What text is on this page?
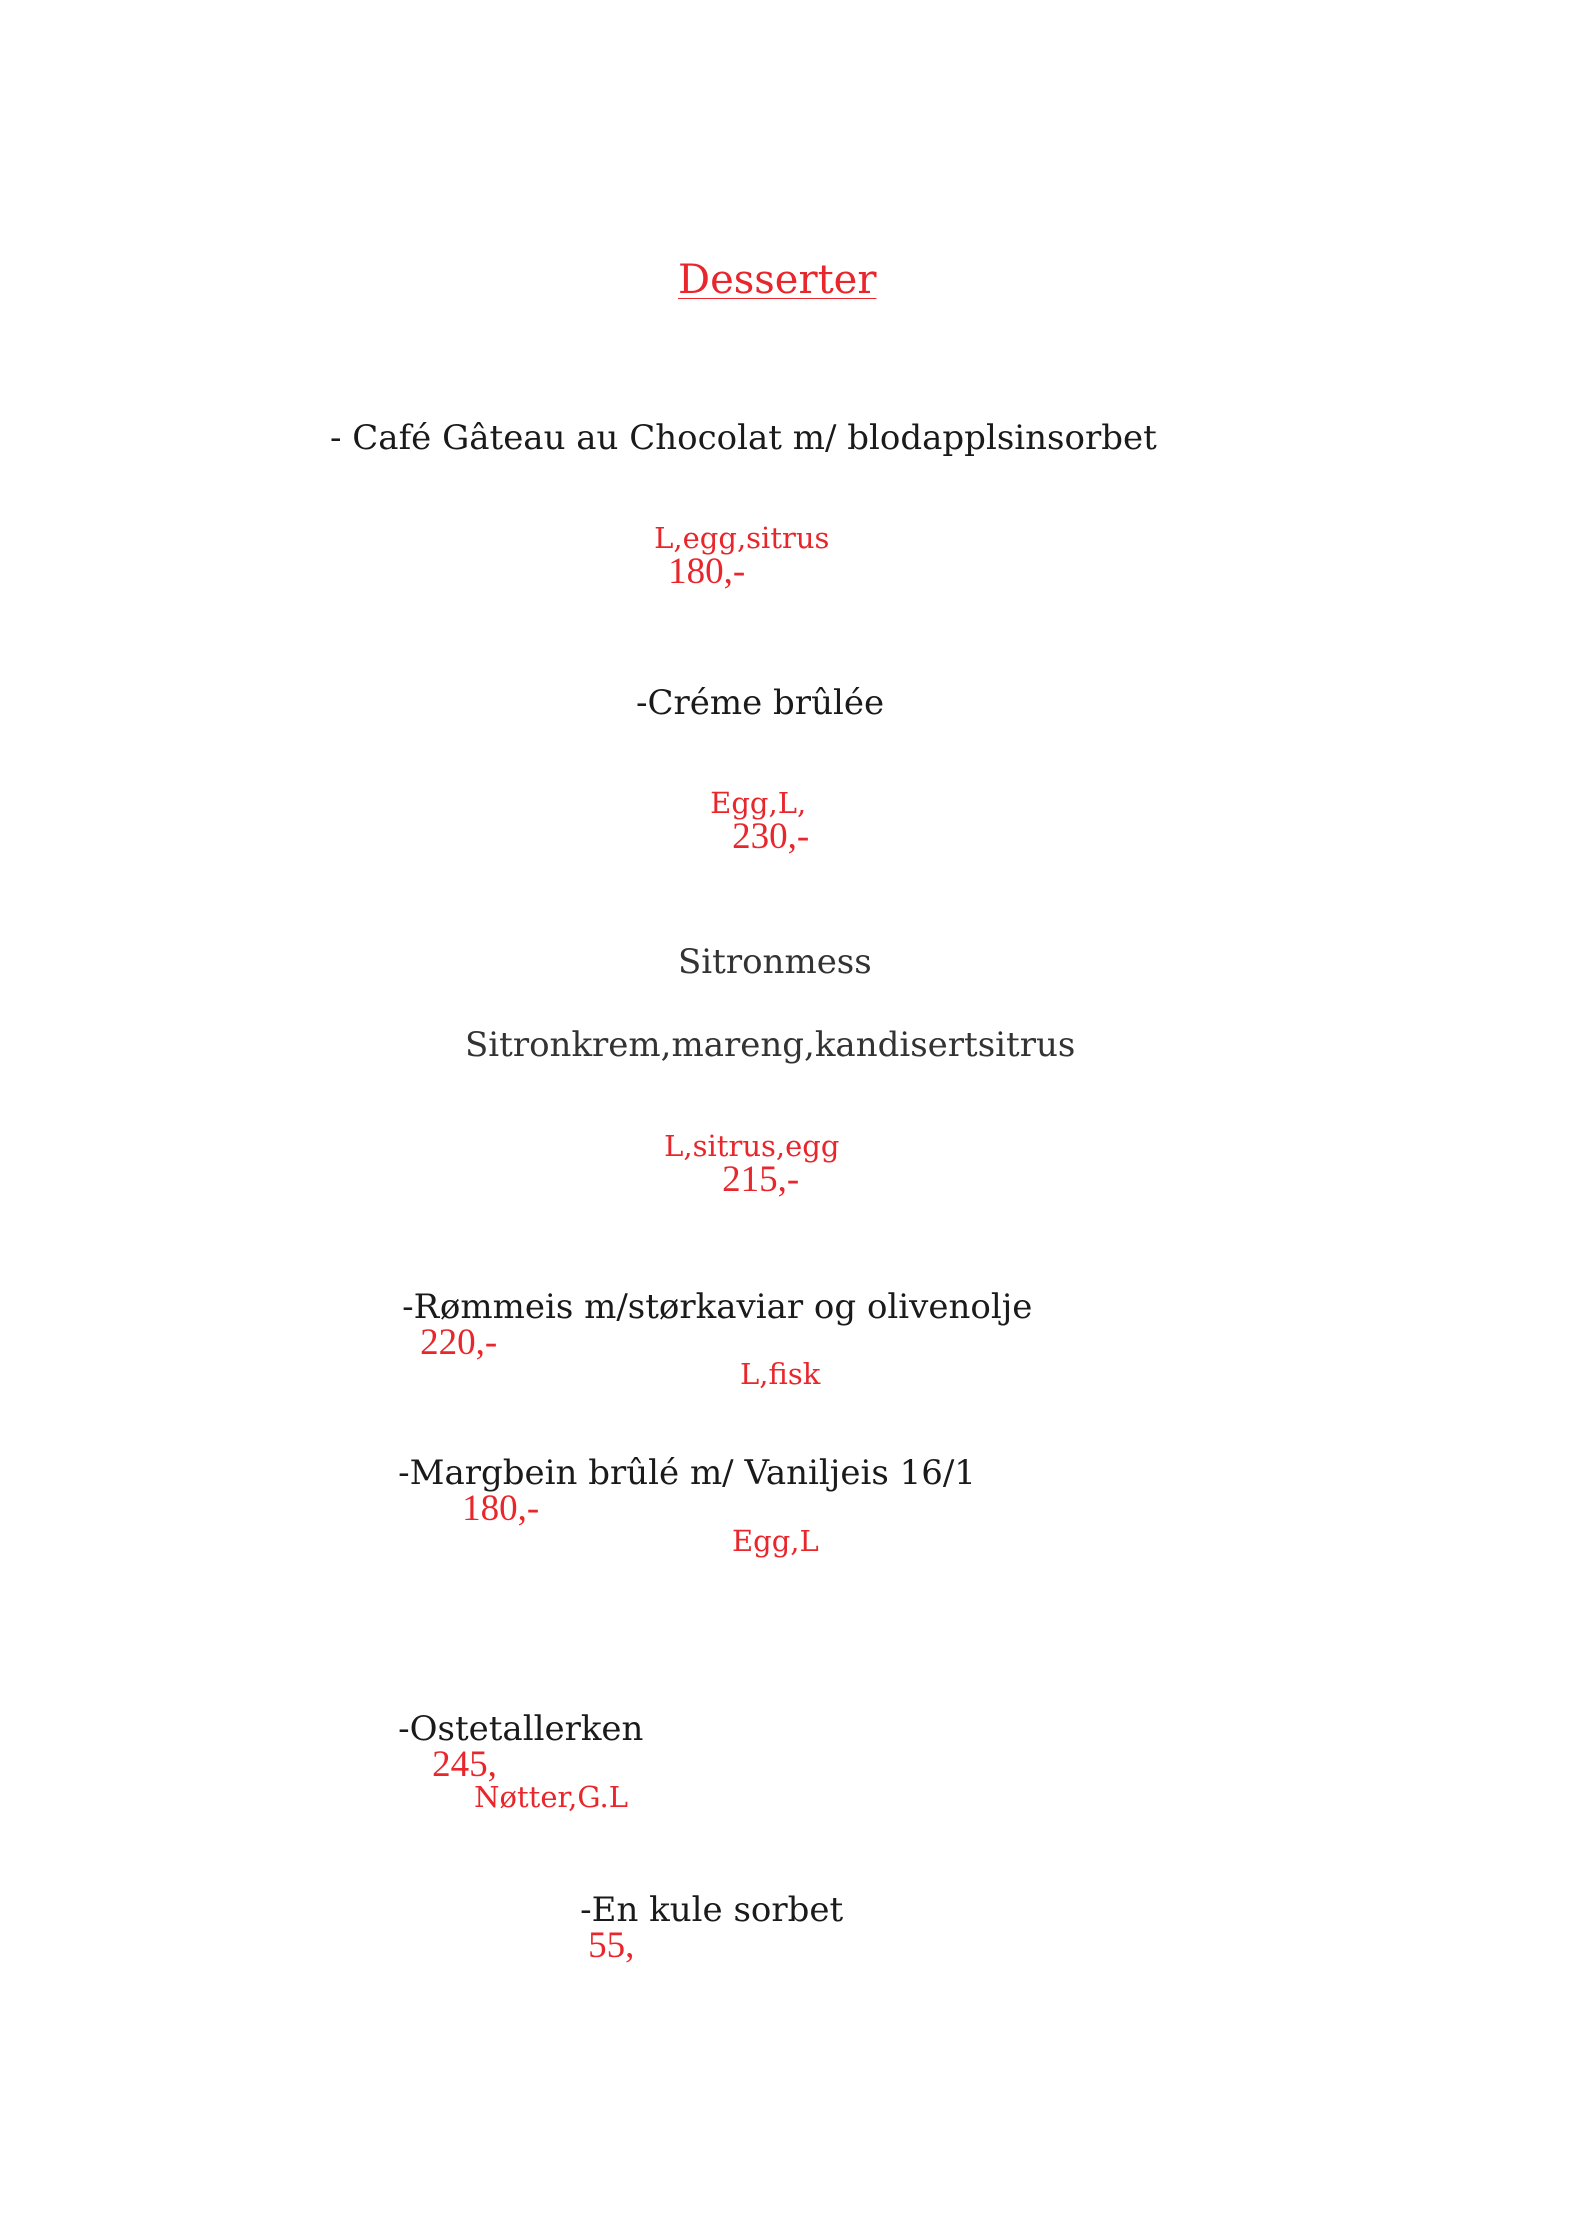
Desserter
- Café Gâteau au Chocolat m/ blodapplsinsorbet

L,egg,sitrus
180,-

-Créme brûlée

Egg,L,
230,-

Sitronmess
Sitronkrem,mareng,kandisertsitrus

L,sitrus,egg
215,-

-Rømmeis m/størkaviar og olivenolje
220,-

L,fisk

-Margbein brûlé m/ Vaniljeis 16/1
180,-

Egg,L

-Ostetallerken
245,
Nøtter,G.L

-En kule sorbet
55,
